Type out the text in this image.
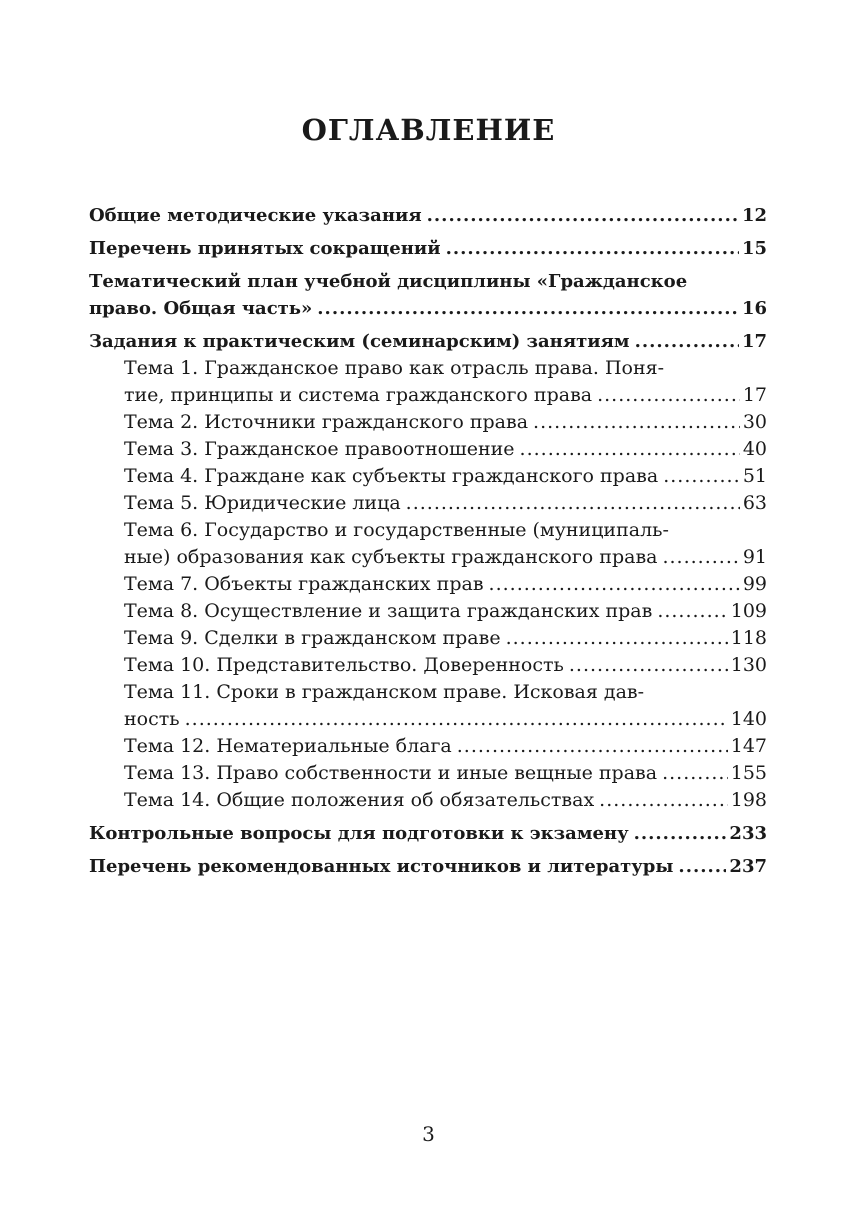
ОГЛАВЛЕНИЕ
Общие методические указания .....	12
Перечень принятых сокращений .....	15
Тематический план учебной дисциплины «Гражданское
право. Общая часть» .....	16
Задания к практическим (семинарским) занятиям .....	17
Тема 1. Гражданское право как отрасль права. Поня-
тие, принципы и система гражданского права .....	17
Тема 2. Источники гражданского права .....	30
Тема 3. Гражданское правоотношение .....	40
Тема 4. Граждане как субъекты гражданского права .....	51
Тема 5. Юридические лица .....	63
Тема 6. Государство и государственные (муниципаль-
ные) образования как субъекты гражданского права .....	91
Тема 7. Объекты гражданских прав .....	99
Тема 8. Осуществление и защита гражданских прав .....	109
Тема 9. Сделки в гражданском праве .....	118
Тема 10. Представительство. Доверенность .....	130
Тема 11. Сроки в гражданском праве. Исковая дав-
ность .....	140
Тема 12. Нематериальные блага .....	147
Тема 13. Право собственности и иные вещные права .....	155
Тема 14. Общие положения об обязательствах .....	198
Контрольные вопросы для подготовки к экзамену .....	233
Перечень рекомендованных источников и литературы .....	237
3
